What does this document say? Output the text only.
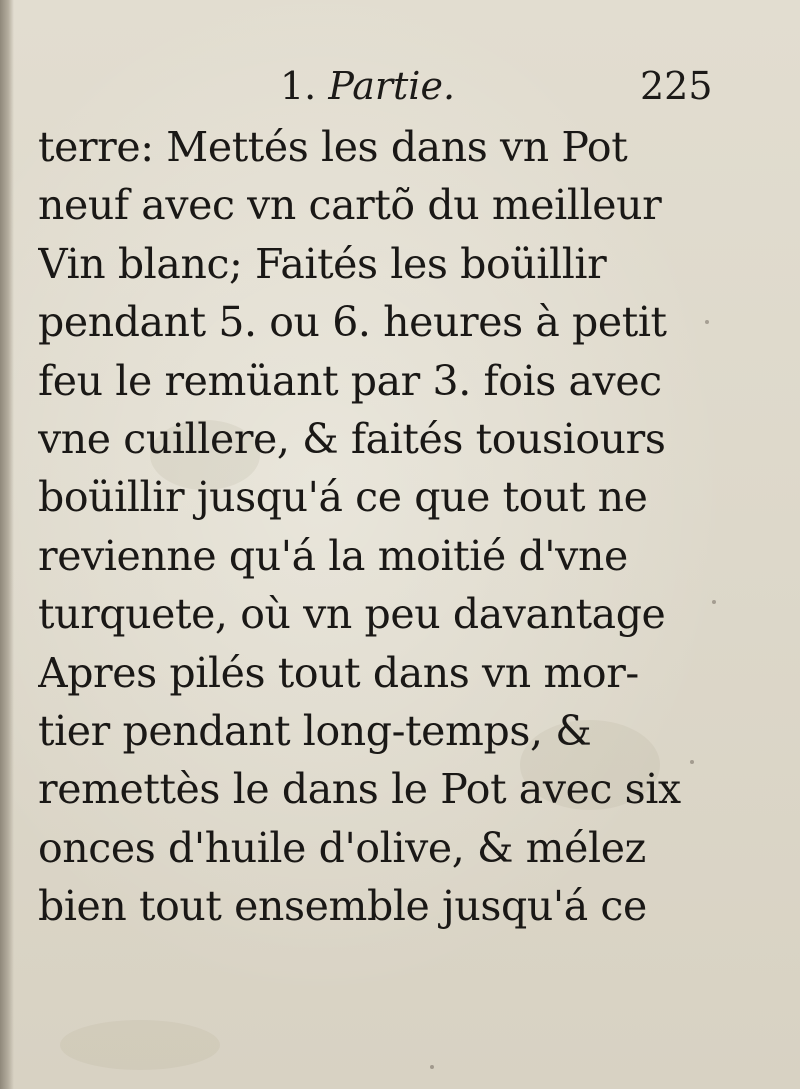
1. Partie.	225
terre: Mettés les dans vn Pot
neuf avec vn cartõ du meilleur
Vin blanc; Faités les boüillir
pendant 5. ou 6. heures à petit
feu le remüant par 3. fois avec
vne cuillere, & faités tousiours
boüillir jusqu'á ce que tout ne
revienne qu'á la moitié d'vne
turquete, où vn peu davantage
Apres pilés tout dans vn mor-
tier pendant long-temps, &
remettès le dans le Pot avec six
onces d'huile d'olive, & mélez
bien tout ensemble jusqu'á ce
